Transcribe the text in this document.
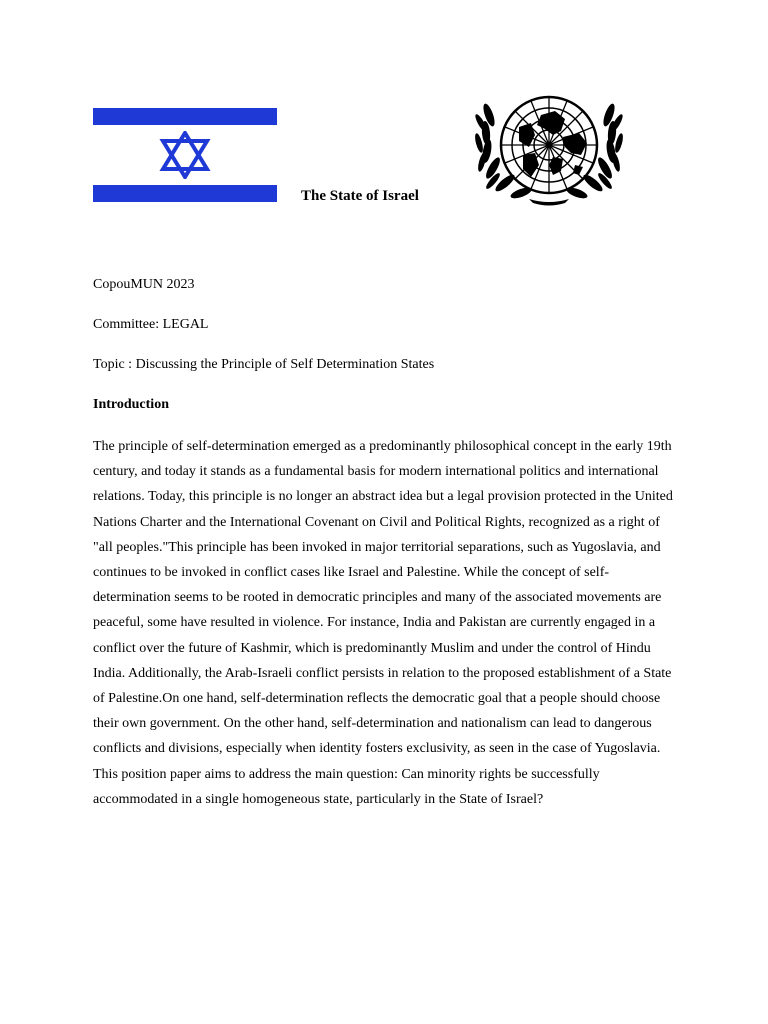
The State of Israel
CopouMUN 2023
Committee: LEGAL
Topic : Discussing the Principle of Self Determination States
Introduction

The principle of self-determination emerged as a predominantly philosophical concept in the early 19th century, and today it stands as a fundamental basis for modern international politics and international relations. Today, this principle is no longer an abstract idea but a legal provision protected in the United Nations Charter and the International Covenant on Civil and Political Rights, recognized as a right of "all peoples."This principle has been invoked in major territorial separations, such as Yugoslavia, and continues to be invoked in conflict cases like Israel and Palestine. While the concept of self-determination seems to be rooted in democratic principles and many of the associated movements are peaceful, some have resulted in violence. For instance, India and Pakistan are currently engaged in a conflict over the future of Kashmir, which is predominantly Muslim and under the control of Hindu India. Additionally, the Arab-Israeli conflict persists in relation to the proposed establishment of a State of Palestine.On one hand, self-determination reflects the democratic goal that a people should choose their own government. On the other hand, self-determination and nationalism can lead to dangerous conflicts and divisions, especially when identity fosters exclusivity, as seen in the case of Yugoslavia. This position paper aims to address the main question: Can minority rights be successfully accommodated in a single homogeneous state, particularly in the State of Israel?
